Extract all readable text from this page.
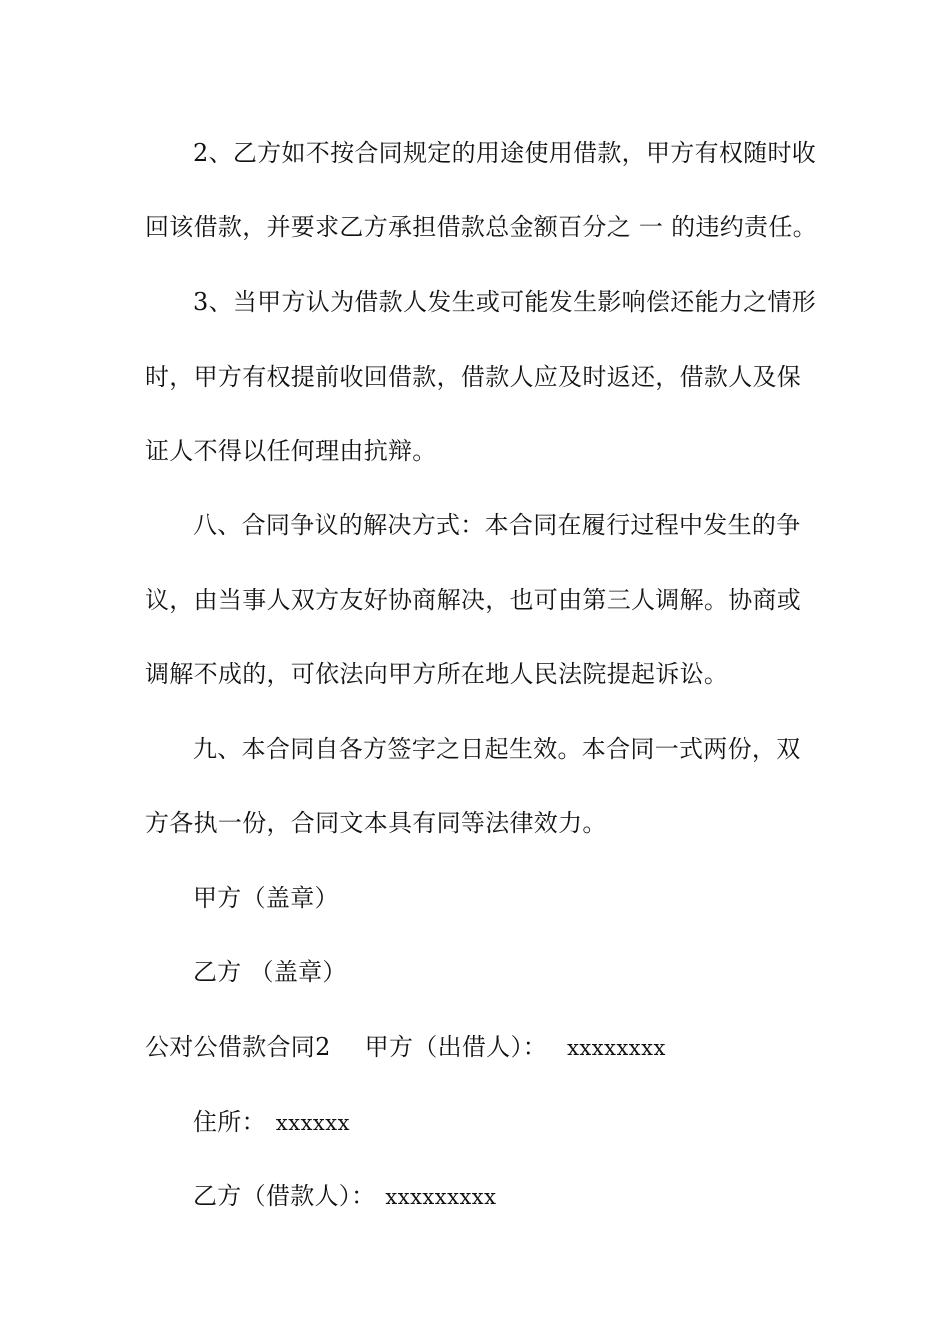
2、乙方如不按合同规定的用途使用借款，甲方有权随时收
回该借款，并要求乙方承担借款总金额百分之 一 的违约责任。
3、当甲方认为借款人发生或可能发生影响偿还能力之情形
时，甲方有权提前收回借款，借款人应及时返还，借款人及保
证人不得以任何理由抗辩。
八、合同争议的解决方式：本合同在履行过程中发生的争
议，由当事人双方友好协商解决，也可由第三人调解。协商或
调解不成的，可依法向甲方所在地人民法院提起诉讼。
九、本合同自各方签字之日起生效。本合同一式两份，双
方各执一份，合同文本具有同等法律效力。
甲方（盖章）
乙方 （盖章）
公对公借款合同2 甲方（出借人）： xxxxxxxx
住所： xxxxxx
乙方（借款人）： xxxxxxxxx
